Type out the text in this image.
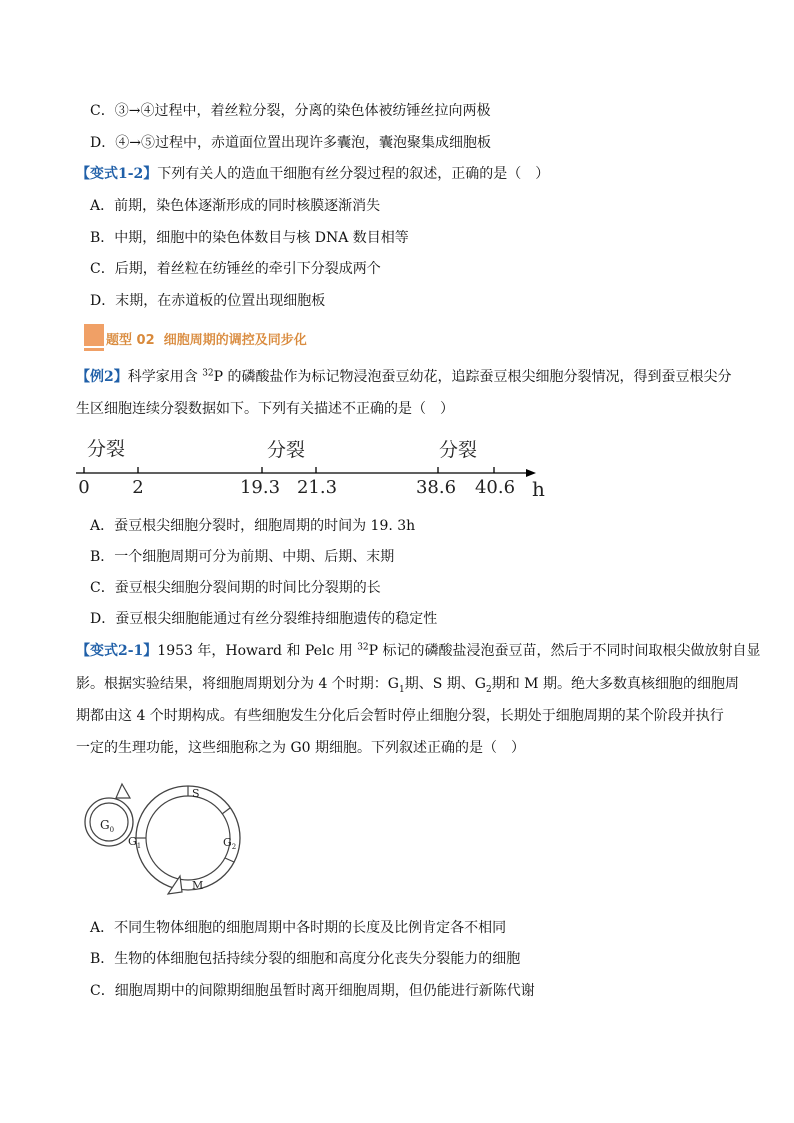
C．③→④过程中，着丝粒分裂，分离的染色体被纺锤丝拉向两极
D．④→⑤过程中，赤道面位置出现许多囊泡，囊泡聚集成细胞板
【变式1-2】下列有关人的造血干细胞有丝分裂过程的叙述，正确的是（　）
A．前期，染色体逐渐形成的同时核膜逐渐消失
B．中期，细胞中的染色体数目与核 DNA 数目相等
C．后期，着丝粒在纺锤丝的牵引下分裂成两个
D．末期，在赤道板的位置出现细胞板
题型 02 细胞周期的调控及同步化
【例2】科学家用含 $^{32}$P 的磷酸盐作为标记物浸泡蚕豆幼花，追踪蚕豆根尖细胞分裂情况，得到蚕豆根尖分
生区细胞连续分裂数据如下。下列有关描述不正确的是（　）
分裂	分裂	分裂
0 2	19.3 21.3	38.6 40.6 h
A．蚕豆根尖细胞分裂时，细胞周期的时间为 19. 3h
B．一个细胞周期可分为前期、中期、后期、末期
C．蚕豆根尖细胞分裂间期的时间比分裂期的长
D．蚕豆根尖细胞能通过有丝分裂维持细胞遗传的稳定性
【变式2-1】1953 年，Howard 和 Pelc 用 $^{32}$P 标记的磷酸盐浸泡蚕豆苗，然后于不同时间取根尖做放射自显
影。根据实验结果，将细胞周期划分为 4 个时期：$G_1$期、S 期、$G_2$期和 M 期。绝大多数真核细胞的细胞周
期都由这 4 个时期构成。有些细胞发生分化后会暂时停止细胞分裂，长期处于细胞周期的某个阶段并执行
一定的生理功能，这些细胞称之为 G0 期细胞。下列叙述正确的是（　）
$G_0$
S
$G_1$	$G_2$
M
A．不同生物体细胞的细胞周期中各时期的长度及比例肯定各不相同
B．生物的体细胞包括持续分裂的细胞和高度分化丧失分裂能力的细胞
C．细胞周期中的间隙期细胞虽暂时离开细胞周期，但仍能进行新陈代谢
